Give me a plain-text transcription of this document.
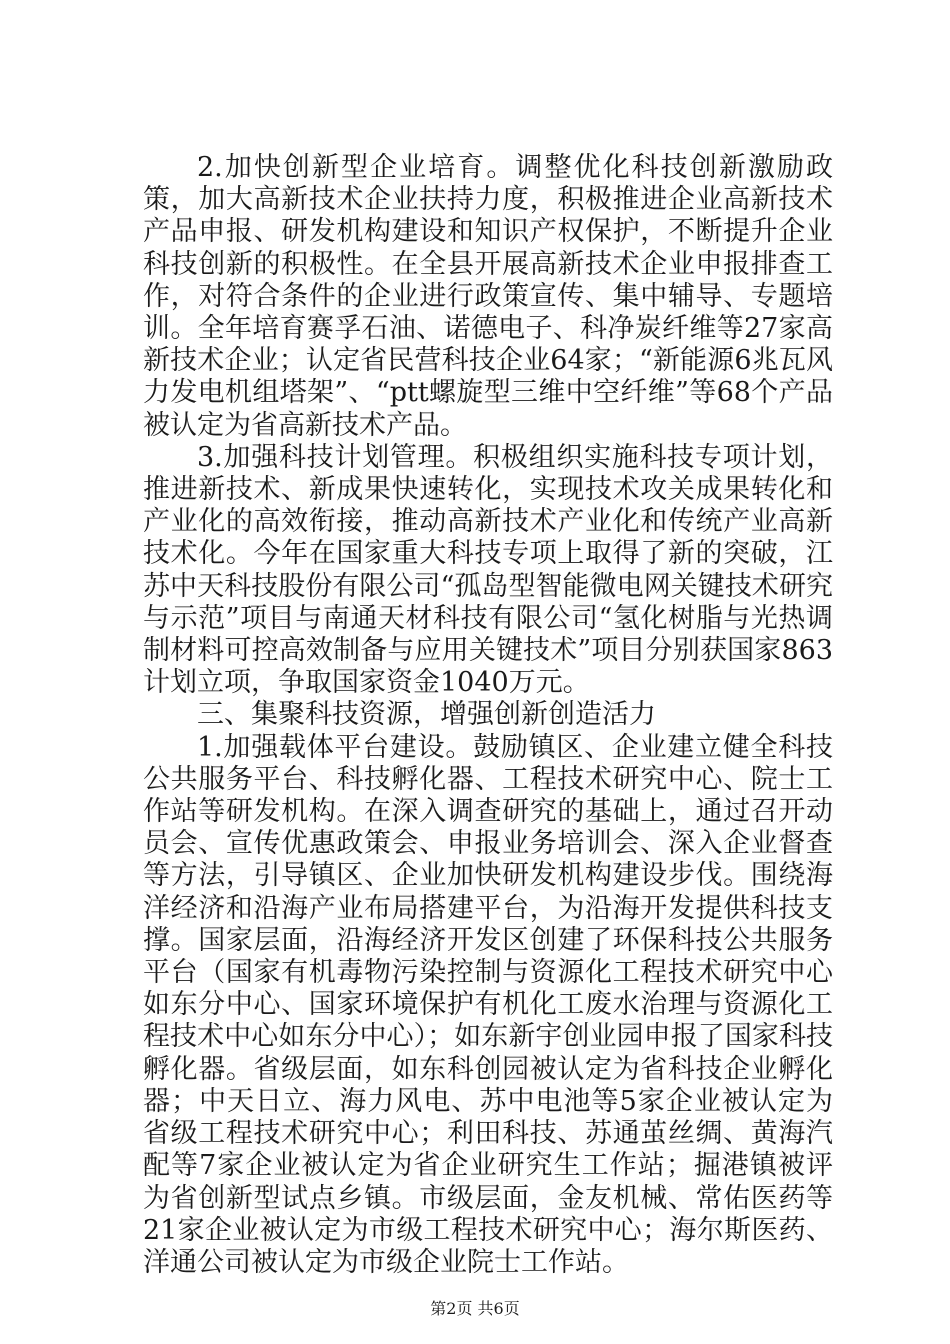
2.加快创新型企业培育。调整优化科技创新激励政策，加大高新技术企业扶持力度，积极推进企业高新技术产品申报、研发机构建设和知识产权保护，不断提升企业科技创新的积极性。在全县开展高新技术企业申报排查工作，对符合条件的企业进行政策宣传、集中辅导、专题培训。全年培育赛孚石油、诺德电子、科净炭纤维等27家高新技术企业；认定省民营科技企业64家；“新能源6兆瓦风力发电机组塔架”、“ptt螺旋型三维中空纤维”等68个产品被认定为省高新技术产品。

3.加强科技计划管理。积极组织实施科技专项计划，推进新技术、新成果快速转化，实现技术攻关成果转化和产业化的高效衔接，推动高新技术产业化和传统产业高新技术化。今年在国家重大科技专项上取得了新的突破，江苏中天科技股份有限公司“孤岛型智能微电网关键技术研究与示范”项目与南通天材科技有限公司“氢化树脂与光热调制材料可控高效制备与应用关键技术”项目分别获国家863计划立项，争取国家资金1040万元。

三、集聚科技资源，增强创新创造活力

1.加强载体平台建设。鼓励镇区、企业建立健全科技公共服务平台、科技孵化器、工程技术研究中心、院士工作站等研发机构。在深入调查研究的基础上，通过召开动员会、宣传优惠政策会、申报业务培训会、深入企业督查等方法，引导镇区、企业加快研发机构建设步伐。围绕海洋经济和沿海产业布局搭建平台，为沿海开发提供科技支撑。国家层面，沿海经济开发区创建了环保科技公共服务平台（国家有机毒物污染控制与资源化工程技术研究中心如东分中心、国家环境保护有机化工废水治理与资源化工程技术中心如东分中心）；如东新宇创业园申报了国家科技孵化器。省级层面，如东科创园被认定为省科技企业孵化器；中天日立、海力风电、苏中电池等5家企业被认定为省级工程技术研究中心；利田科技、苏通茧丝绸、黄海汽配等7家企业被认定为省企业研究生工作站；掘港镇被评为省创新型试点乡镇。市级层面，金友机械、常佑医药等21家企业被认定为市级工程技术研究中心；海尔斯医药、洋通公司被认定为市级企业院士工作站。

第2页 共6页
